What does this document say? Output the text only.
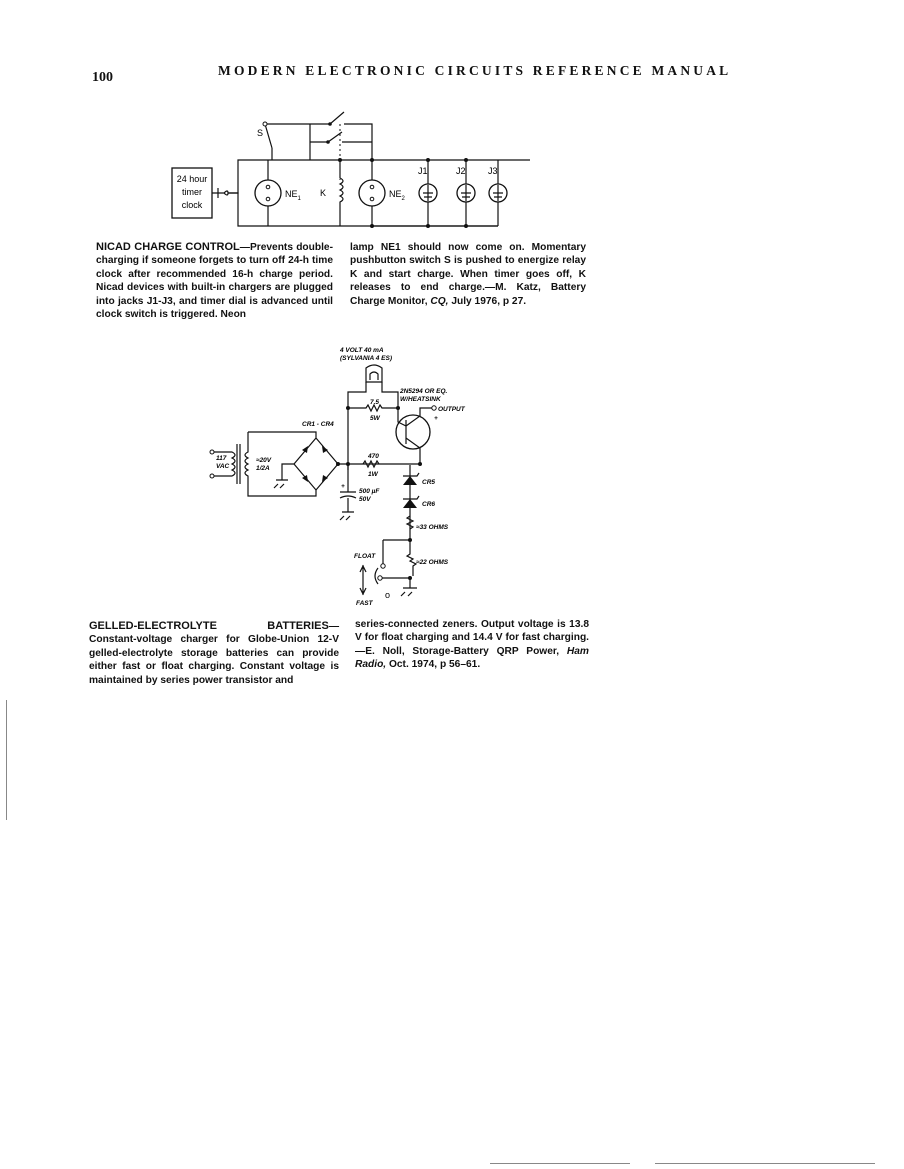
100	MODERN ELECTRONIC CIRCUITS REFERENCE MANUAL
24 hour
timer
clock
S
$NE_1$
K	$NE_2$
J1	J2 J3
NICAD CHARGE CONTROL—Prevents double-charging if someone forgets to turn off 24-h time clock after recommended 16-h charge period. Nicad devices with built-in chargers are plugged into jacks J1-J3, and timer dial is advanced until clock switch is triggered. Neon
lamp NE1 should now come on. Momentary pushbutton switch S is pushed to energize relay K and start charge. When timer goes off, K releases to end charge.—M. Katz, Battery Charge Monitor, CQ, July 1976, p 27.
4 VOLT 40 mA
(SYLVANIA 4 ES)
2N5294 OR EQ.
W/HEATSINK
7.5
5W
OUTPUT
+
CR1 - CR4
470
1W
117
VAC
≈20V
1/2A
+
500 µF
50V
CR5
CR6
≈33 OHMS
≈22 OHMS
o
FLOAT
FAST
GELLED-ELECTROLYTE BATTERIES—Constant-voltage charger for Globe-Union 12-V gelled-electrolyte storage batteries can provide either fast or float charging. Constant voltage is maintained by series power transistor and
series-connected zeners. Output voltage is 13.8 V for float charging and 14.4 V for fast charging.—E. Noll, Storage-Battery QRP Power, Ham Radio, Oct. 1974, p 56–61.
